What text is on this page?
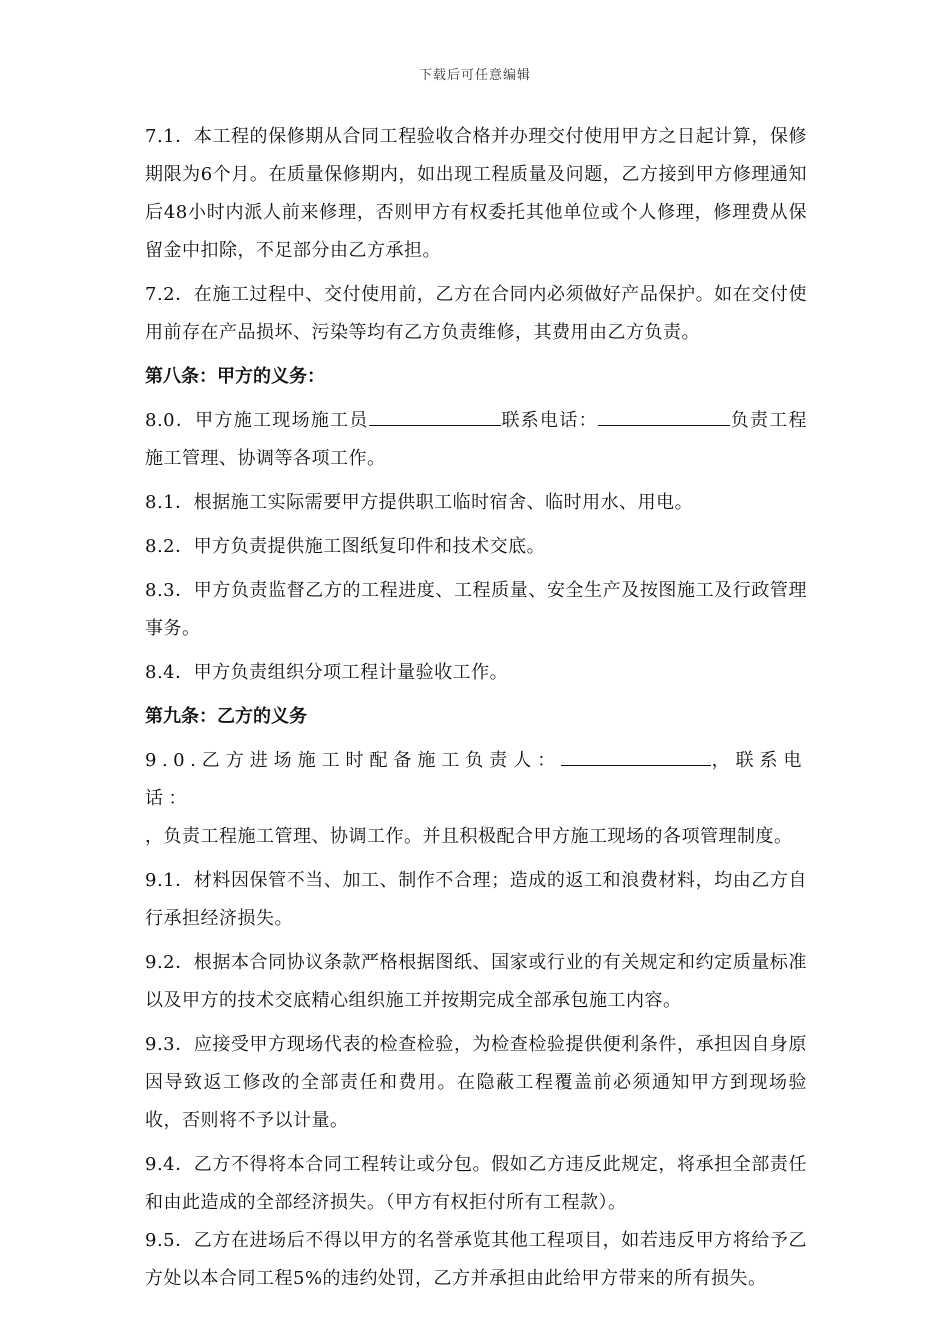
下载后可任意编辑

7.1．本工程的保修期从合同工程验收合格并办理交付使用甲方之日起计算，保修期限为6个月。在质量保修期内，如出现工程质量及问题，乙方接到甲方修理通知后48小时内派人前来修理，否则甲方有权委托其他单位或个人修理，修理费从保留金中扣除，不足部分由乙方承担。

7.2．在施工过程中、交付使用前，乙方在合同内必须做好产品保护。如在交付使用前存在产品损坏、污染等均有乙方负责维修，其费用由乙方负责。

第八条：甲方的义务：

8.0．甲方施工现场施工员	联系电话：	负责工程施工管理、协调等各项工作。

8.1．根据施工实际需要甲方提供职工临时宿舍、临时用水、用电。

8.2．甲方负责提供施工图纸复印件和技术交底。

8.3．甲方负责监督乙方的工程进度、工程质量、安全生产及按图施工及行政管理事务。

8.4．甲方负责组织分项工程计量验收工作。

第九条：乙方的义务

9.0.乙方进场施工时配备施工负责人：	，联系电话：
，负责工程施工管理、协调工作。并且积极配合甲方施工现场的各项管理制度。

9.1．材料因保管不当、加工、制作不合理；造成的返工和浪费材料，均由乙方自行承担经济损失。

9.2．根据本合同协议条款严格根据图纸、国家或行业的有关规定和约定质量标准以及甲方的技术交底精心组织施工并按期完成全部承包施工内容。

9.3．应接受甲方现场代表的检查检验，为检查检验提供便利条件，承担因自身原因导致返工修改的全部责任和费用。在隐蔽工程覆盖前必须通知甲方到现场验收，否则将不予以计量。

9.4．乙方不得将本合同工程转让或分包。假如乙方违反此规定，将承担全部责任和由此造成的全部经济损失。（甲方有权拒付所有工程款）。

9.5．乙方在进场后不得以甲方的名誉承览其他工程项目，如若违反甲方将给予乙方处以本合同工程5%的违约处罚，乙方并承担由此给甲方带来的所有损失。
